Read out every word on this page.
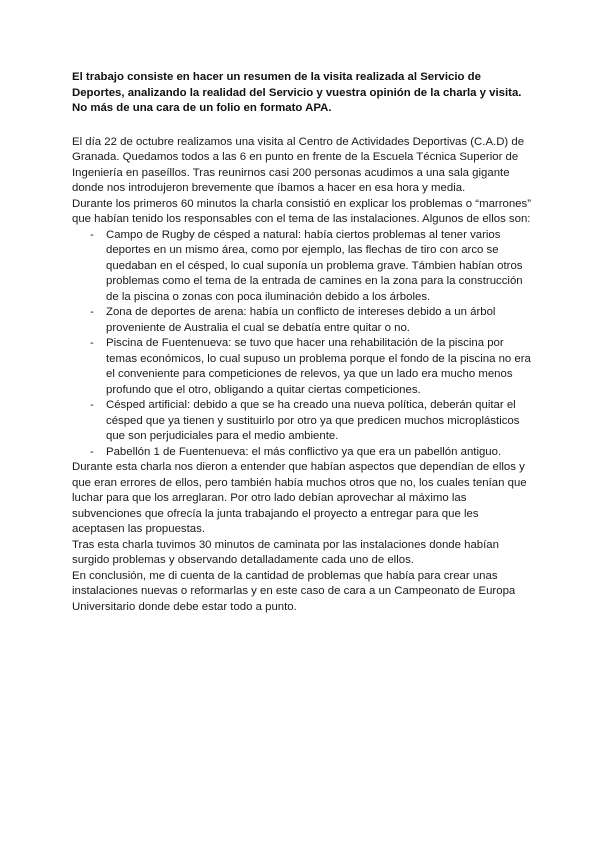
El trabajo consiste en hacer un resumen de la visita realizada al Servicio de Deportes, analizando la realidad del Servicio y vuestra opinión de la charla y visita. No más de una cara de un folio en formato APA.

El día 22 de octubre realizamos una visita al Centro de Actividades Deportivas (C.A.D) de Granada. Quedamos todos a las 6 en punto en frente de la Escuela Técnica Superior de Ingeniería en paseíllos. Tras reunirnos casi 200 personas acudimos a una sala gigante donde nos introdujeron brevemente que íbamos a hacer en esa hora y media.

Durante los primeros 60 minutos la charla consistió en explicar los problemas o “marrones” que habían tenido los responsables con el tema de las instalaciones. Algunos de ellos son:

- Campo de Rugby de césped a natural: había ciertos problemas al tener varios deportes en un mismo área, como por ejemplo, las flechas de tiro con arco se quedaban en el césped, lo cual suponía un problema grave. Támbien habían otros problemas como el tema de la entrada de camines en la zona para la construcción de la piscina o zonas con poca iluminación debido a los árboles.
- Zona de deportes de arena: había un conflicto de intereses debido a un árbol proveniente de Australia el cual se debatía entre quitar o no.
- Piscina de Fuentenueva: se tuvo que hacer una rehabilitación de la piscina por temas económicos, lo cual supuso un problema porque el fondo de la piscina no era el conveniente para competiciones de relevos, ya que un lado era mucho menos profundo que el otro, obligando a quitar ciertas competiciones.
- Césped artificial: debido a que se ha creado una nueva política, deberán quitar el césped que ya tienen y sustituirlo por otro ya que predicen muchos microplásticos que son perjudiciales para el medio ambiente.
- Pabellón 1 de Fuentenueva: el más conflictivo ya que era un pabellón antiguo.

Durante esta charla nos dieron a entender que habían aspectos que dependían de ellos y que eran errores de ellos, pero también había muchos otros que no, los cuales tenían que luchar para que los arreglaran. Por otro lado debían aprovechar al máximo las subvenciones que ofrecía la junta trabajando el proyecto a entregar para que les aceptasen las propuestas.

Tras esta charla tuvimos 30 minutos de caminata por las instalaciones donde habían surgido problemas y observando detalladamente cada uno de ellos.

En conclusión, me di cuenta de la cantidad de problemas que había para crear unas instalaciones nuevas o reformarlas y en este caso de cara a un Campeonato de Europa Universitario donde debe estar todo a punto.
